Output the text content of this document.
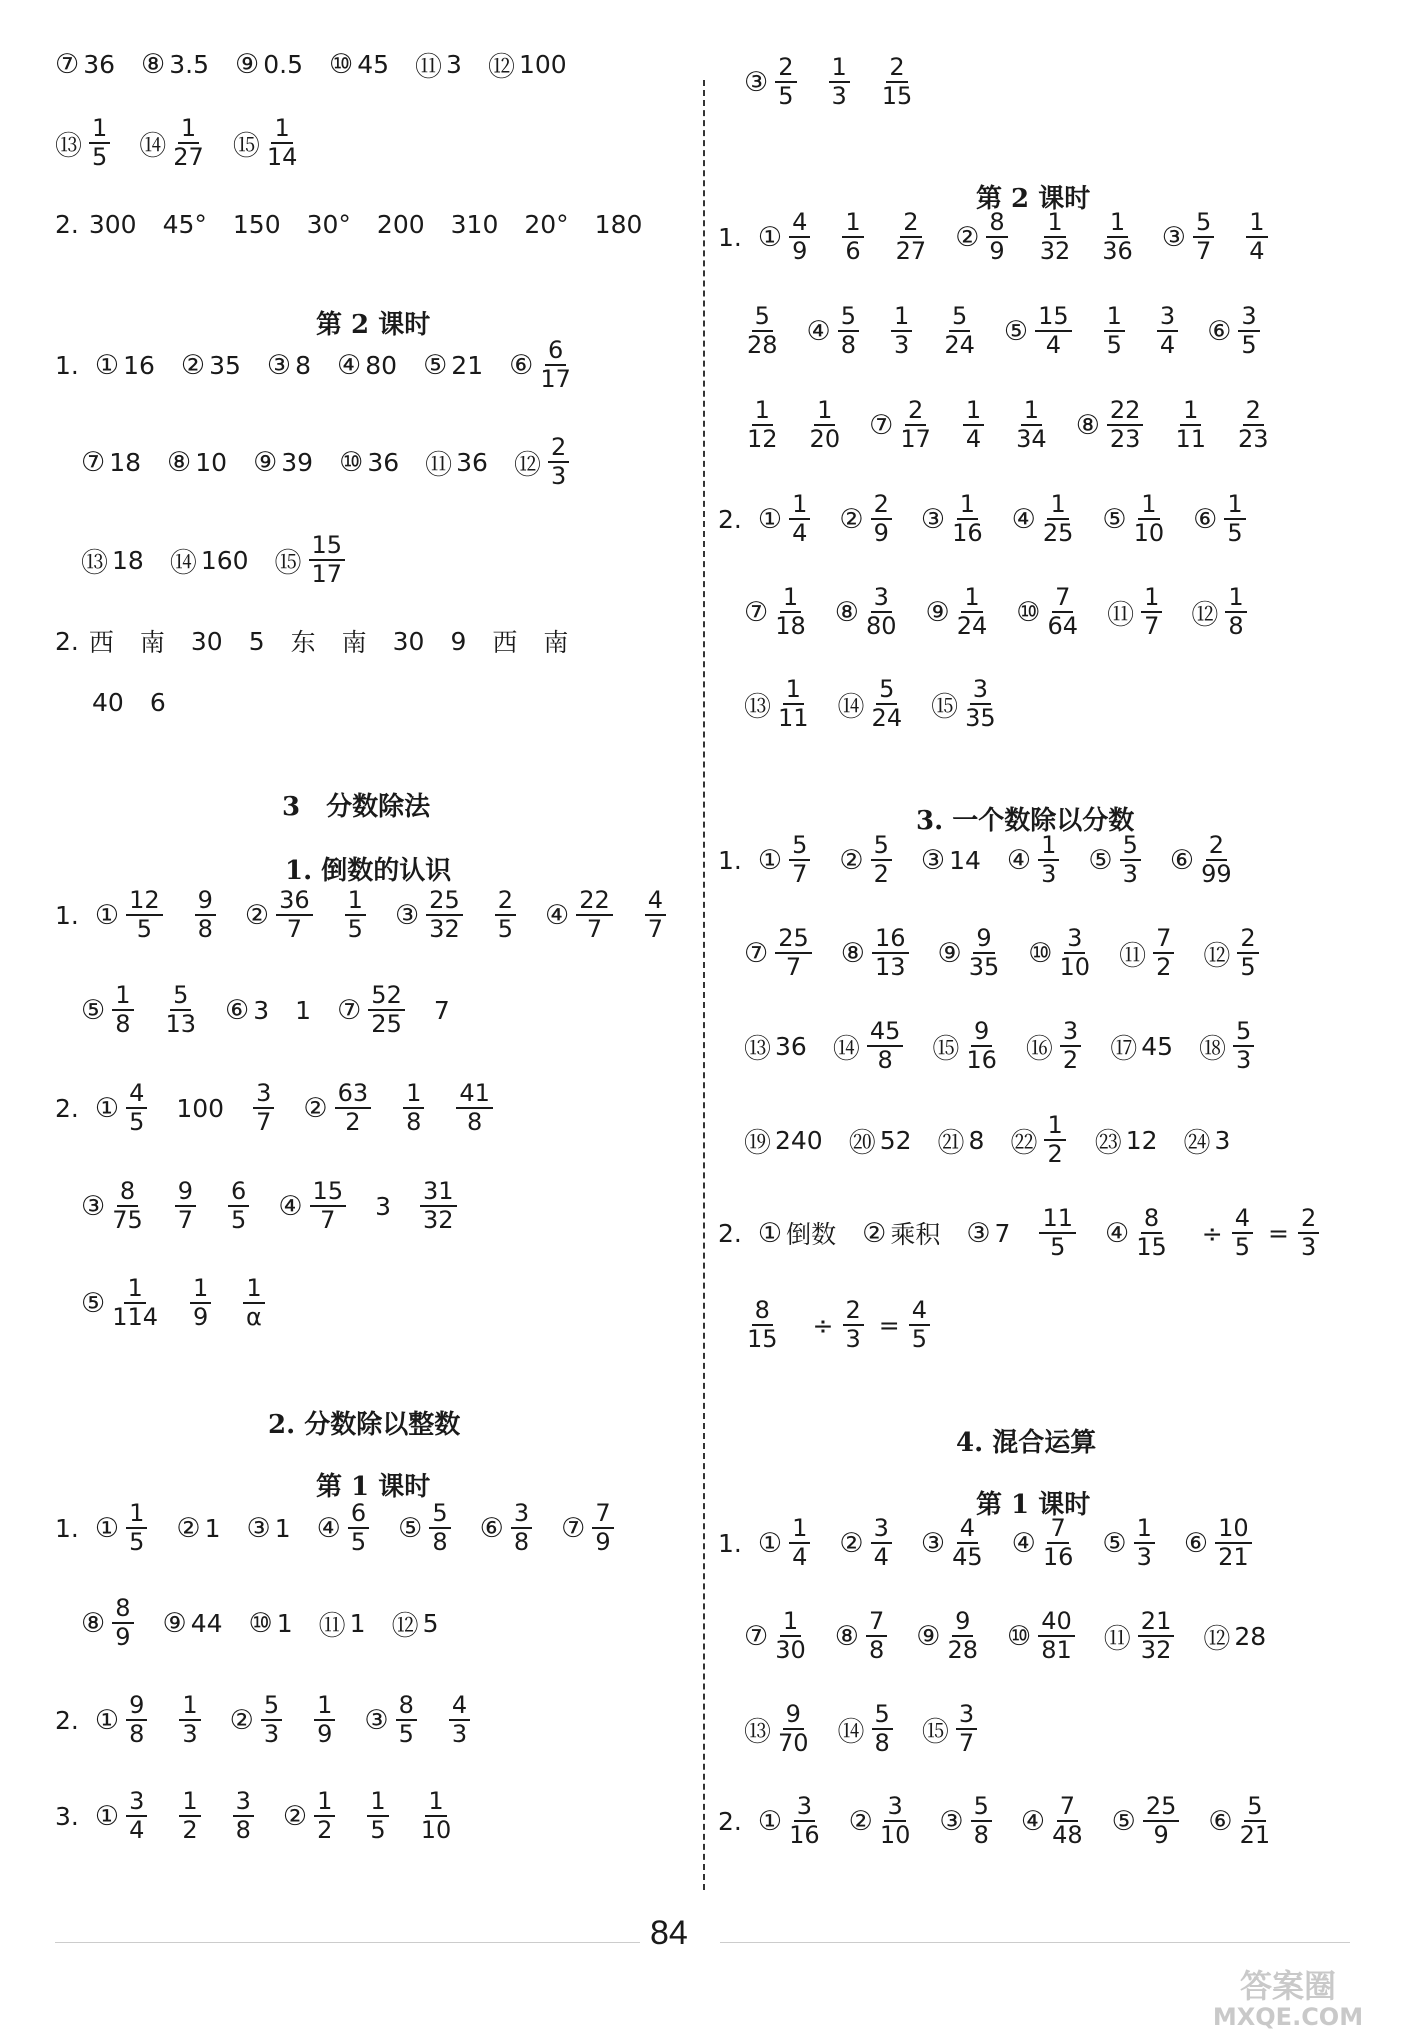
⑦ 36 ⑧ 3.5 ⑨ 0.5 ⑩ 45 ⑪ 3 ⑫ 100
⑬ $\frac{1}{5}$ ⑭ $\frac{1}{27}$ ⑮ $\frac{1}{14}$
2. 300 45° 150 30° 200 310 20° 180
第 2 课时
1. ① 16 ② 35 ③ 8 ④ 80 ⑤ 21 ⑥ $\frac{6}{17}$
⑦ 18 ⑧ 10 ⑨ 39 ⑩ 36 ⑪ 36 ⑫ $\frac{2}{3}$
⑬ 18 ⑭ 160 ⑮ $\frac{15}{17}$
2. 西 南 30 5 东 南 30 9 西 南
40 6
3　分数除法
1. 倒数的认识
1. ① $\frac{12}{5} \frac{9}{8}$ ② $\frac{36}{7} \frac{1}{5}$ ③ $\frac{25}{32} \frac{2}{5}$ ④ $\frac{22}{7} \frac{4}{7}$
⑤ $\frac{1}{8} \frac{5}{13}$ ⑥ 3 1 ⑦ $\frac{52}{25} 7$
2. ① $\frac{4}{5} 100 \frac{3}{7}$ ② $\frac{63}{2} \frac{1}{8} \frac{41}{8}$
③ $\frac{8}{75} \frac{9}{7} \frac{6}{5}$ ④ $\frac{15}{7} 3 \frac{31}{32}$
⑤ $\frac{1}{114} \frac{1}{9} \frac{1}{\alpha}$
2. 分数除以整数
第 1 课时
1. ① $\frac{1}{5}$ ② 1 ③ 1 ④ $\frac{6}{5}$ ⑤ $\frac{5}{8}$ ⑥ $\frac{3}{8}$ ⑦ $\frac{7}{9}$
⑧ $\frac{8}{9}$ ⑨ 44 ⑩ 1 ⑪ 1 ⑫ 5
2. ① $\frac{9}{8} \frac{1}{3}$ ② $\frac{5}{3} \frac{1}{9}$ ③ $\frac{8}{5} \frac{4}{3}$
3. ① $\frac{3}{4} \frac{1}{2} \frac{3}{8}$ ② $\frac{1}{2} \frac{1}{5} \frac{1}{10}$
③ $\frac{2}{5} \frac{1}{3} \frac{2}{15}$
第 2 课时
1. ① $\frac{4}{9} \frac{1}{6} \frac{2}{27}$ ② $\frac{8}{9} \frac{1}{32} \frac{1}{36}$ ③ $\frac{5}{7} \frac{1}{4}$
$\frac{5}{28}$ ④ $\frac{5}{8} \frac{1}{3} \frac{5}{24}$ ⑤ $\frac{15}{4} \frac{1}{5} \frac{3}{4}$ ⑥ $\frac{3}{5}$
$\frac{1}{12} \frac{1}{20}$ ⑦ $\frac{2}{17} \frac{1}{4} \frac{1}{34}$ ⑧ $\frac{22}{23} \frac{1}{11} \frac{2}{23}$
2. ① $\frac{1}{4}$ ② $\frac{2}{9}$ ③ $\frac{1}{16}$ ④ $\frac{1}{25}$ ⑤ $\frac{1}{10}$ ⑥ $\frac{1}{5}$
⑦ $\frac{1}{18}$ ⑧ $\frac{3}{80}$ ⑨ $\frac{1}{24}$ ⑩ $\frac{7}{64}$ ⑪ $\frac{1}{7}$ ⑫ $\frac{1}{8}$
⑬ $\frac{1}{11}$ ⑭ $\frac{5}{24}$ ⑮ $\frac{3}{35}$
3. 一个数除以分数
1. ① $\frac{5}{7}$ ② $\frac{5}{2}$ ③ 14 ④ $\frac{1}{3}$ ⑤ $\frac{5}{3}$ ⑥ $\frac{2}{99}$
⑦ $\frac{25}{7}$ ⑧ $\frac{16}{13}$ ⑨ $\frac{9}{35}$ ⑩ $\frac{3}{10}$ ⑪ $\frac{7}{2}$ ⑫ $\frac{2}{5}$
⑬ 36 ⑭ $\frac{45}{8}$ ⑮ $\frac{9}{16}$ ⑯ $\frac{3}{2}$ ⑰ 45 ⑱ $\frac{5}{3}$
⑲ 240 ⑳ 52 ㉑ 8 ㉒ $\frac{1}{2}$ ㉓ 12 ㉔ 3
2. ① 倒数 ② 乘积 ③ $7 \frac{11}{5}$ ④ $\frac{8}{15} \div \frac{4}{5} = \frac{2}{3}$
$\frac{8}{15} \div \frac{2}{3} = \frac{4}{5}$
4. 混合运算
第 1 课时
1. ① $\frac{1}{4}$ ② $\frac{3}{4}$ ③ $\frac{4}{45}$ ④ $\frac{7}{16}$ ⑤ $\frac{1}{3}$ ⑥ $\frac{10}{21}$
⑦ $\frac{1}{30}$ ⑧ $\frac{7}{8}$ ⑨ $\frac{9}{28}$ ⑩ $\frac{40}{81}$ ⑪ $\frac{21}{32}$ ⑫ 28
⑬ $\frac{9}{70}$ ⑭ $\frac{5}{8}$ ⑮ $\frac{3}{7}$
2. ① $\frac{3}{16}$ ② $\frac{3}{10}$ ③ $\frac{5}{8}$ ④ $\frac{7}{48}$ ⑤ $\frac{25}{9}$ ⑥ $\frac{5}{21}$
84
答案圈
MXQE.COM
